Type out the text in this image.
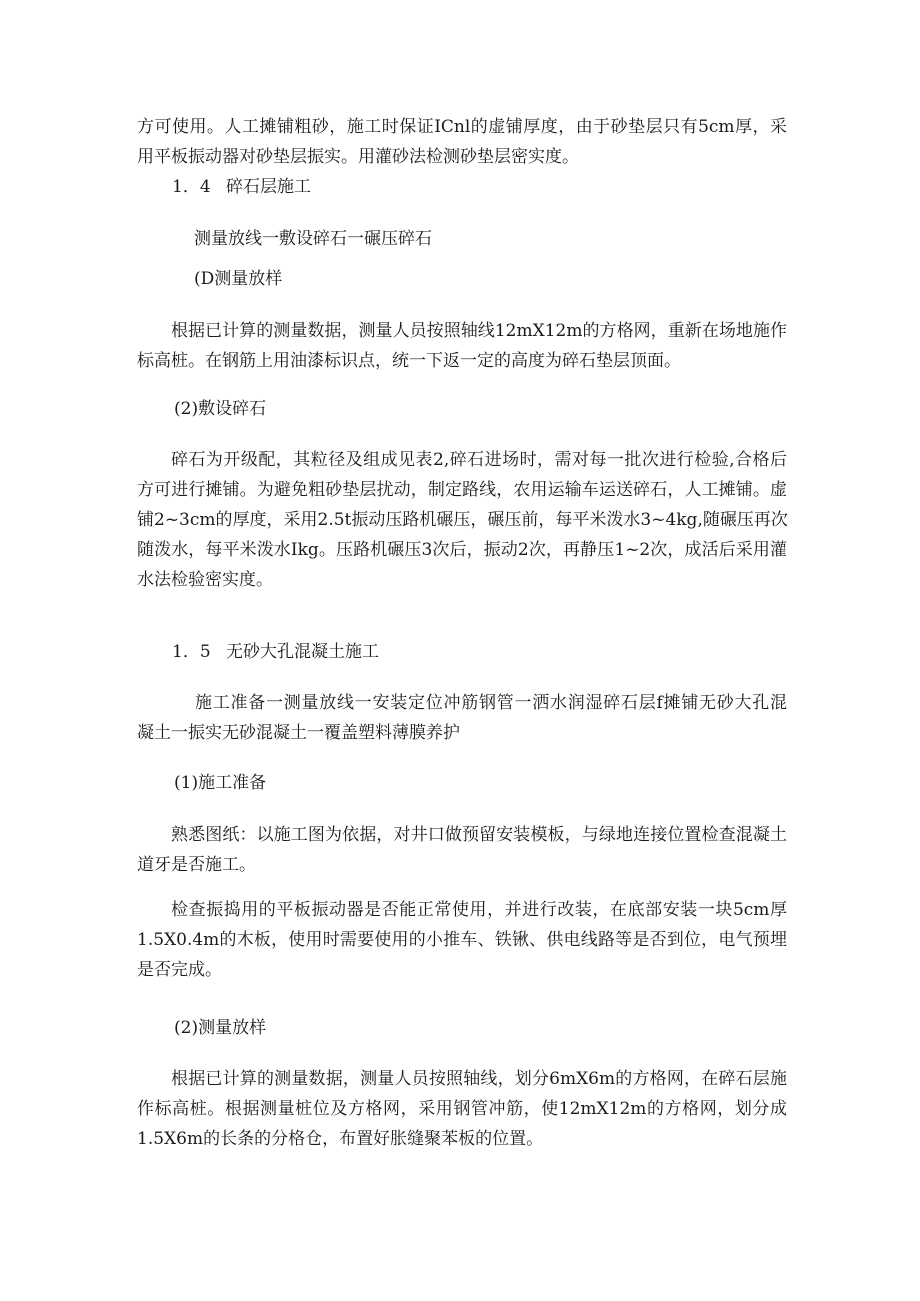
方可使用。人工摊铺粗砂，施工时保证ICnl的虚铺厚度，由于砂垫层只有5cm厚，采
用平板振动器对砂垫层振实。用灌砂法检测砂垫层密实度。

1．4 碎石层施工

测量放线一敷设碎石一碾压碎石

(D测量放样

根据已计算的测量数据，测量人员按照轴线12mX12m的方格网，重新在场地施作
标高桩。在钢筋上用油漆标识点，统一下返一定的高度为碎石垫层顶面。

(2)敷设碎石

碎石为开级配，其粒径及组成见表2,碎石进场时，需对每一批次进行检验,合格后
方可进行摊铺。为避免粗砂垫层扰动，制定路线，农用运输车运送碎石，人工摊铺。虚
铺2~3cm的厚度，采用2.5t振动压路机碾压，碾压前，每平米泼水3~4kg,随碾压再次
随泼水，每平米泼水Ikg。压路机碾压3次后，振动2次，再静压1~2次，成活后采用灌
水法检验密实度。

1．5 无砂大孔混凝土施工

施工准备一测量放线一安装定位冲筋钢管一洒水润湿碎石层f摊铺无砂大孔混
凝土一振实无砂混凝土一覆盖塑料薄膜养护

(1)施工准备

熟悉图纸：以施工图为依据，对井口做预留安装模板，与绿地连接位置检查混凝土
道牙是否施工。

检查振捣用的平板振动器是否能正常使用，并进行改装，在底部安装一块5cm厚
1.5X0.4m的木板，使用时需要使用的小推车、铁锹、供电线路等是否到位，电气预埋
是否完成。

(2)测量放样

根据已计算的测量数据，测量人员按照轴线，划分6mX6m的方格网，在碎石层施
作标高桩。根据测量桩位及方格网，采用钢管冲筋，使12mX12m的方格网，划分成
1.5X6m的长条的分格仓，布置好胀缝聚苯板的位置。
